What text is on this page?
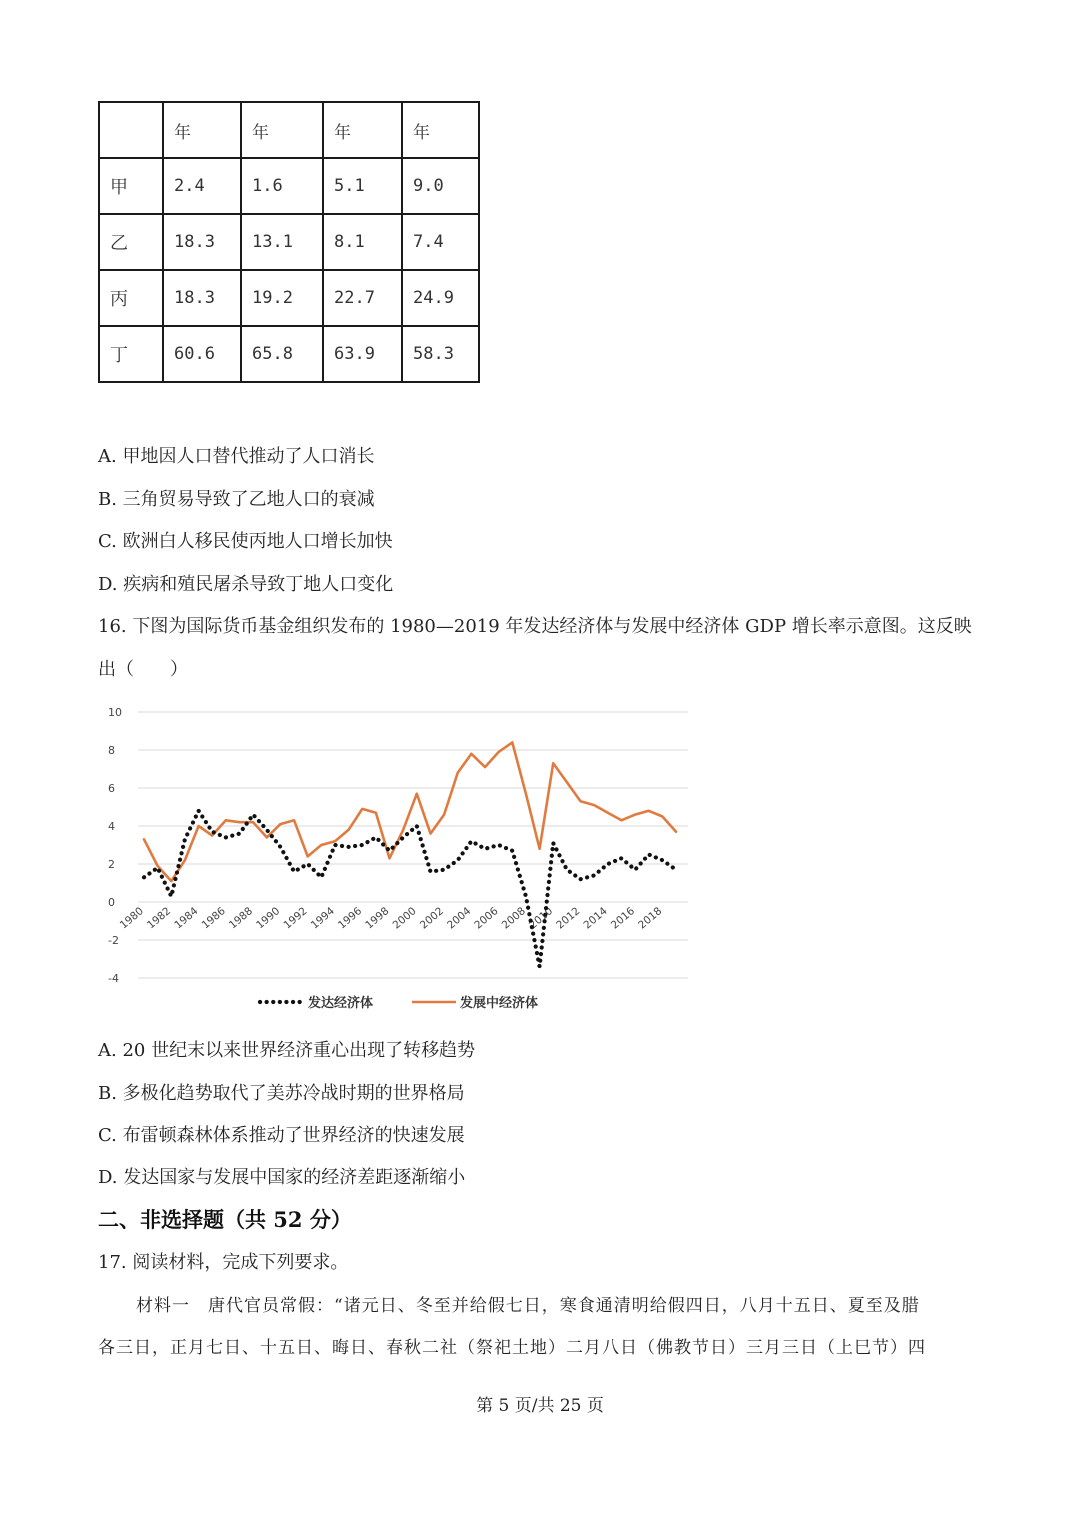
	年	年	年	年
甲	2.4	1.6	5.1	9.0
乙	18.3	13.1	8.1	7.4
丙	18.3	19.2	22.7	24.9
丁	60.6	65.8	63.9	58.3
A. 甲地因人口替代推动了人口消长
B. 三角贸易导致了乙地人口的衰减
C. 欧洲白人移民使丙地人口增长加快
D. 疾病和殖民屠杀导致丁地人口变化
16. 下图为国际货币基金组织发布的 1980—2019 年发达经济体与发展中经济体 GDP 增长率示意图。这反映
出（　　）
10
8
6
4
2
0
-2
-4
1980 1982 1984 1986 1988 1990 1992 1994 1996 1998 2000 2002 2004 2006 2008 2010 2012 2014 2016 2018
发达经济体	发展中经济体
A. 20 世纪末以来世界经济重心出现了转移趋势
B. 多极化趋势取代了美苏冷战时期的世界格局
C. 布雷顿森林体系推动了世界经济的快速发展
D. 发达国家与发展中国家的经济差距逐渐缩小
二、非选择题（共 52 分）
17. 阅读材料，完成下列要求。
材料一　唐代官员常假：“诸元日、冬至并给假七日，寒食通清明给假四日，八月十五日、夏至及腊
各三日，正月七日、十五日、晦日、春秋二社（祭祀土地）二月八日（佛教节日）三月三日（上巳节）四
第 5 页/共 25 页
